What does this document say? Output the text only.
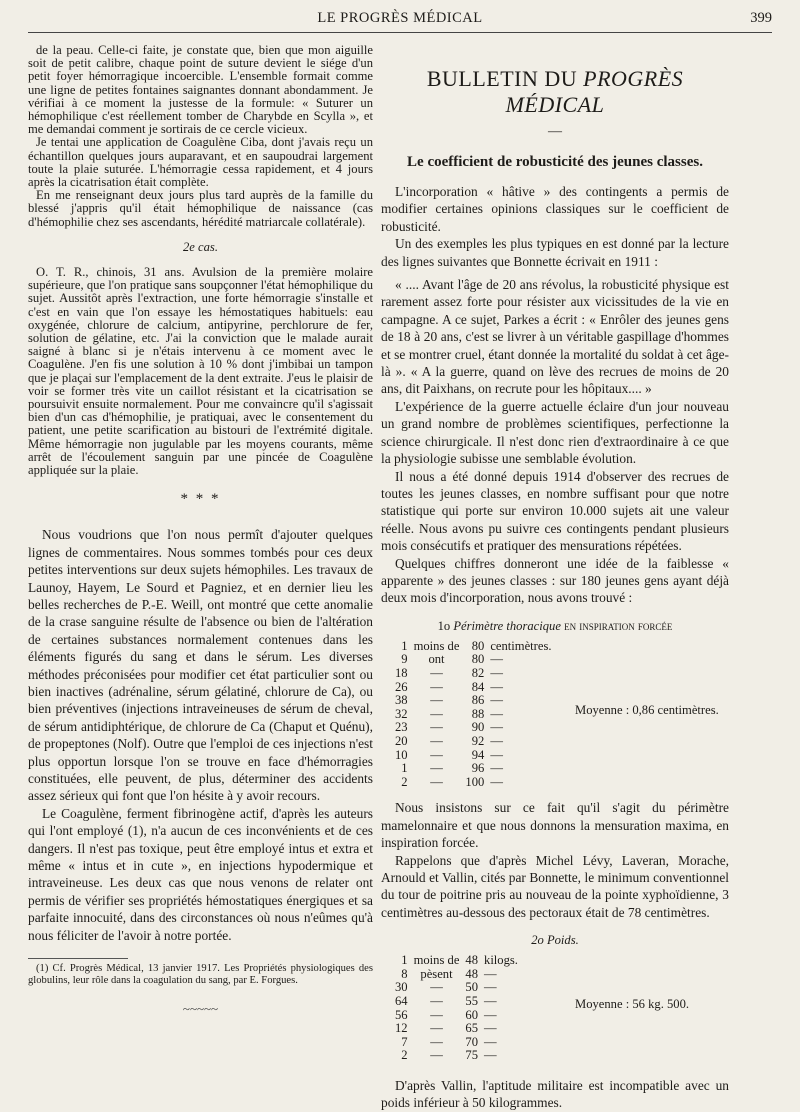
LE PROGRÈS MÉDICAL	399

de la peau. Celle-ci faite, je constate que, bien que mon aiguille soit de petit calibre, chaque point de suture devient le siége d'un petit foyer hémorragique incoercible. L'ensemble formait comme une ligne de petites fontaines saignantes donnant abondamment. Je vérifiai à ce moment la justesse de la formule: « Suturer un hémophilique c'est réellement tomber de Charybde en Scylla », et me demandai comment je sortirais de ce cercle vicieux.

Je tentai une application de Coagulène Ciba, dont j'avais reçu un échantillon quelques jours auparavant, et en saupoudrai largement toute la plaie suturée. L'hémorragie cessa rapidement, et 4 jours après la cicatrisation était complète.

En me renseignant deux jours plus tard auprès de la famille du blessé j'appris qu'il était hémophilique de naissance (cas d'hémophilie chez ses ascendants, hérédité matriarcale collatérale).

2e cas.

O. T. R., chinois, 31 ans. Avulsion de la première molaire supérieure, que l'on pratique sans soupçonner l'état hémophilique du sujet. Aussitôt après l'extraction, une forte hémorragie s'installe et c'est en vain que l'on essaye les hémostatiques habituels: eau oxygénée, chlorure de calcium, antipyrine, perchlorure de fer, solution de gélatine, etc. J'ai la conviction que le malade aurait saigné à blanc si je n'étais intervenu à ce moment avec le Coagulène. J'en fis une solution à 10 % dont j'imbibai un tampon que je plaçai sur l'emplacement de la dent extraite. J'eus le plaisir de voir se former très vite un caillot résistant et la cicatrisation se poursuivit ensuite normalement. Pour me convaincre qu'il s'agissait bien d'un cas d'hémophilie, je pratiquai, avec le consentement du patient, une petite scarification au bistouri de l'extrémité digitale. Même hémorragie non jugulable par les moyens courants, même arrêt de l'écoulement sanguin par une pincée de Coagulène appliquée sur la plaie.

* * *

Nous voudrions que l'on nous permît d'ajouter quelques lignes de commentaires. Nous sommes tombés pour ces deux petites interventions sur deux sujets hémophiles. Les travaux de Launoy, Hayem, Le Sourd et Pagniez, et en dernier lieu les belles recherches de P.-E. Weill, ont montré que cette anomalie de la crase sanguine résulte de l'absence ou bien de l'altération de certaines substances normalement contenues dans les éléments figurés du sang et dans le sérum. Les diverses méthodes préconisées pour modifier cet état particulier sont ou bien inactives (adrénaline, sérum gélatiné, chlorure de Ca), ou bien préventives (injections intraveineuses de sérum de cheval, de sérum antidiphtérique, de chlorure de Ca (Chaput et Quénu), de propeptones (Nolf). Outre que l'emploi de ces injections n'est plus opportun lorsque l'on se trouve en face d'hémorragies constituées, elle peuvent, de plus, déterminer des accidents assez sérieux qui font que l'on hésite à y avoir recours.

Le Coagulène, ferment fibrinogène actif, d'après les auteurs qui l'ont employé (1), n'a aucun de ces inconvénients et de ces dangers. Il n'est pas toxique, peut être employé intus et extra et même « intus et in cute », en injections hypodermique et intraveineuse. Les deux cas que nous venons de relater ont permis de vérifier ses propriétés hémostatiques énergiques et sa parfaite innocuité, dans des circonstances où nous n'eûmes qu'à nous féliciter de l'avoir à notre portée.

(1) Cf. Progrès Médical, 13 janvier 1917. Les Propriétés physiologiques des globulins, leur rôle dans la coagulation du sang, par E. Forgues.
~~~~~
BULLETIN DU PROGRÈS MÉDICAL
—
Le coefficient de robusticité des jeunes classes.

L'incorporation « hâtive » des contingents a permis de modifier certaines opinions classiques sur le coefficient de robusticité.

Un des exemples les plus typiques en est donné par la lecture des lignes suivantes que Bonnette écrivait en 1911 :

« .... Avant l'âge de 20 ans révolus, la robusticité physique est rarement assez forte pour résister aux vicissitudes de la vie en campagne. A ce sujet, Parkes a écrit : « Enrôler des jeunes gens de 18 à 20 ans, c'est se livrer à un véritable gaspillage d'hommes et se montrer cruel, étant donnée la mortalité du soldat à cet âge-là ». « A la guerre, quand on lève des recrues de moins de 20 ans, dit Paixhans, on recrute pour les hôpitaux.... »

L'expérience de la guerre actuelle éclaire d'un jour nouveau un grand nombre de problèmes scientifiques, perfectionne la science chirurgicale. Il n'est donc rien d'extraordinaire à ce que la physiologie subisse une semblable évolution.

Il nous a été donné depuis 1914 d'observer des recrues de toutes les jeunes classes, en nombre suffisant pour que notre statistique qui porte sur environ 10.000 sujets ait une valeur réelle. Nous avons pu suivre ces contingents pendant plusieurs mois consécutifs et pratiquer des mensurations répétées.

Quelques chiffres donneront une idée de la faiblesse « apparente » des jeunes classes : sur 180 jeunes gens ayant déjà deux mois d'incorporation, nous avons trouvé :

1o Périmètre thoracique en inspiration forcée
1	moins de	80	centimètres.
9	ont	80	—
18	—	82	—
26	—	84	—
38	—	86	—
32	—	88	—
23	—	90	—
20	—	92	—
10	—	94	—
1	—	96	—
2	—	100	—
Moyenne : 0,86 centimètres.

Nous insistons sur ce fait qu'il s'agit du périmètre mamelonnaire et que nous donnons la mensuration maxima, en inspiration forcée.

Rappelons que d'après Michel Lévy, Laveran, Morache, Arnould et Vallin, cités par Bonnette, le minimum conventionnel du tour de poitrine pris au nouveau de la pointe xyphoïdienne, 3 centimètres au-dessous des pectoraux était de 78 centimètres.

2o Poids.
1	moins de	48	kilogs.
8	pèsent	48	—
30	—	50	—
64	—	55	—
56	—	60	—
12	—	65	—
7	—	70	—
2	—	75	—
Moyenne : 56 kg. 500.

D'après Vallin, l'aptitude militaire est incompatible avec un poids inférieur à 50 kilogrammes.
